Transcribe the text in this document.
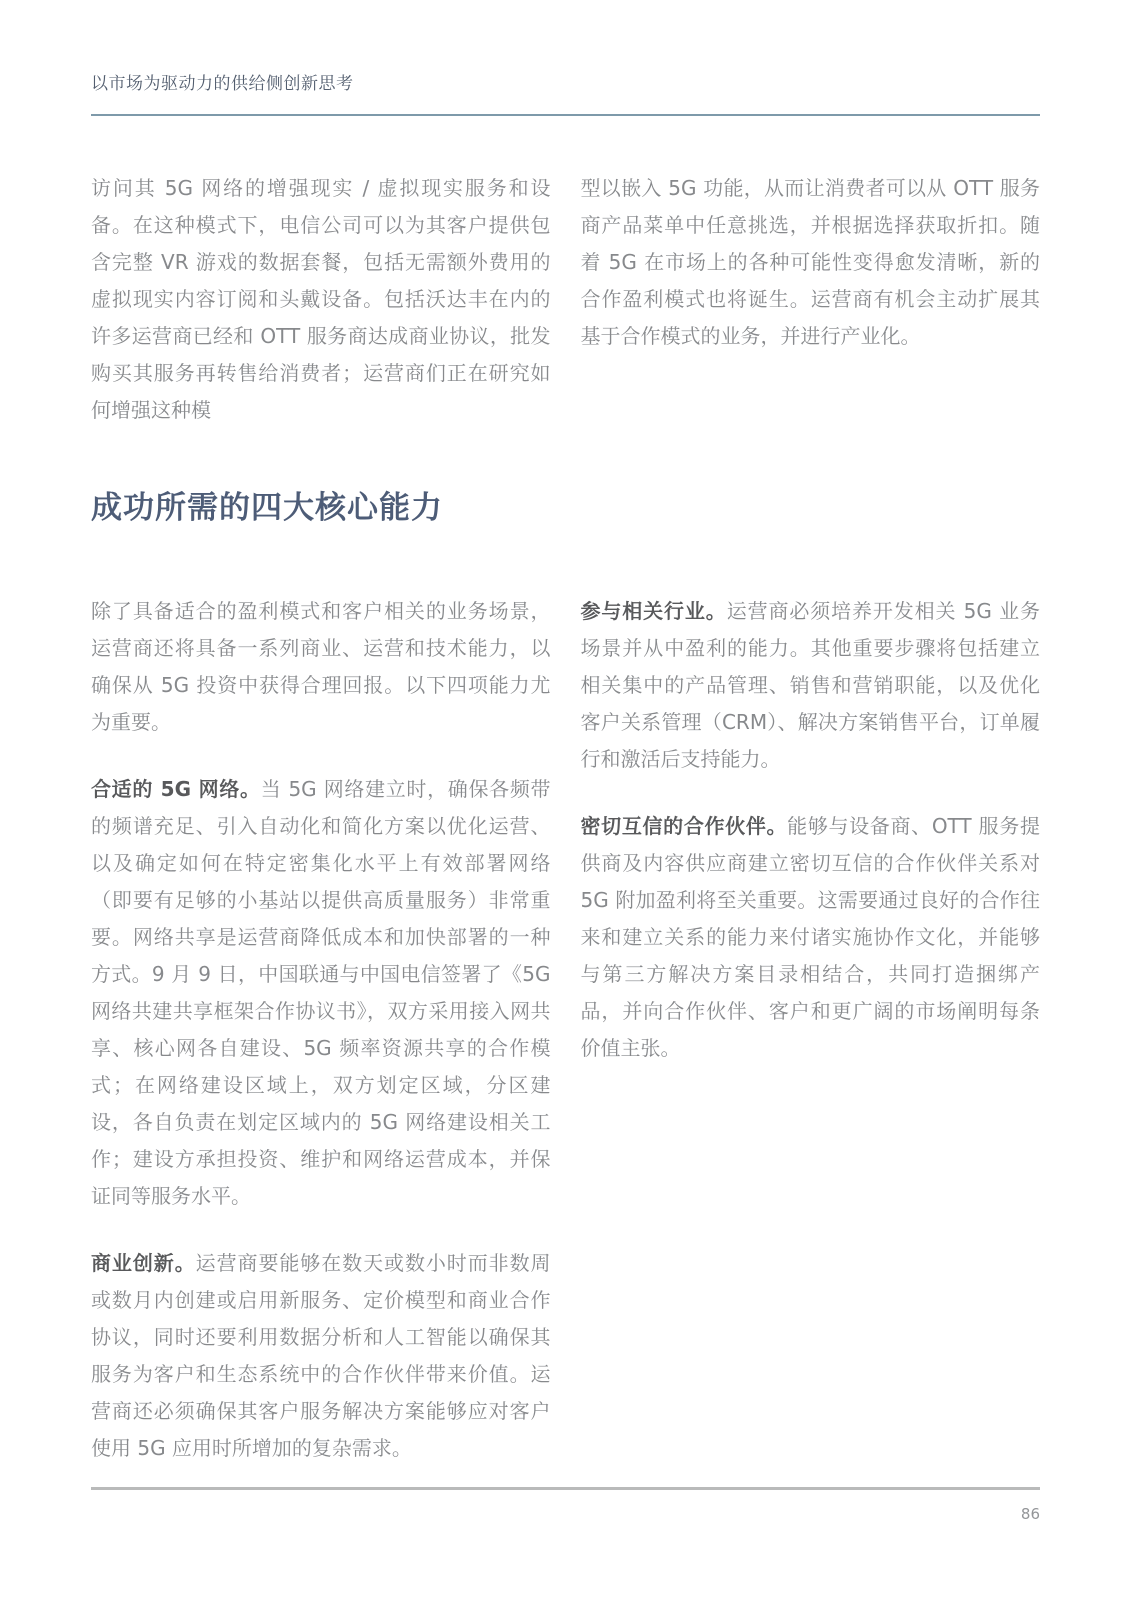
以市场为驱动力的供给侧创新思考

访问其 5G 网络的增强现实 / 虚拟现实服务和设备。在这种模式下，电信公司可以为其客户提供包含完整 VR 游戏的数据套餐，包括无需额外费用的虚拟现实内容订阅和头戴设备。包括沃达丰在内的许多运营商已经和 OTT 服务商达成商业协议，批发购买其服务再转售给消费者；运营商们正在研究如何增强这种模

型以嵌入 5G 功能，从而让消费者可以从 OTT 服务商产品菜单中任意挑选，并根据选择获取折扣。随着 5G 在市场上的各种可能性变得愈发清晰，新的合作盈利模式也将诞生。运营商有机会主动扩展其基于合作模式的业务，并进行产业化。

成功所需的四大核心能力

除了具备适合的盈利模式和客户相关的业务场景，运营商还将具备一系列商业、运营和技术能力，以确保从 5G 投资中获得合理回报。以下四项能力尤为重要。

合适的 5G 网络。当 5G 网络建立时，确保各频带的频谱充足、引入自动化和简化方案以优化运营、以及确定如何在特定密集化水平上有效部署网络（即要有足够的小基站以提供高质量服务）非常重要。网络共享是运营商降低成本和加快部署的一种方式。9 月 9 日，中国联通与中国电信签署了《5G 网络共建共享框架合作协议书》，双方采用接入网共享、核心网各自建设、5G 频率资源共享的合作模式；在网络建设区域上，双方划定区域，分区建设，各自负责在划定区域内的 5G 网络建设相关工作；建设方承担投资、维护和网络运营成本，并保证同等服务水平。

商业创新。运营商要能够在数天或数小时而非数周或数月内创建或启用新服务、定价模型和商业合作协议，同时还要利用数据分析和人工智能以确保其服务为客户和生态系统中的合作伙伴带来价值。运营商还必须确保其客户服务解决方案能够应对客户使用 5G 应用时所增加的复杂需求。

参与相关行业。运营商必须培养开发相关 5G 业务场景并从中盈利的能力。其他重要步骤将包括建立相关集中的产品管理、销售和营销职能，以及优化客户关系管理（CRM）、解决方案销售平台，订单履行和激活后支持能力。

密切互信的合作伙伴。能够与设备商、OTT 服务提供商及内容供应商建立密切互信的合作伙伴关系对 5G 附加盈利将至关重要。这需要通过良好的合作往来和建立关系的能力来付诸实施协作文化，并能够与第三方解决方案目录相结合，共同打造捆绑产品，并向合作伙伴、客户和更广阔的市场阐明每条价值主张。

86
